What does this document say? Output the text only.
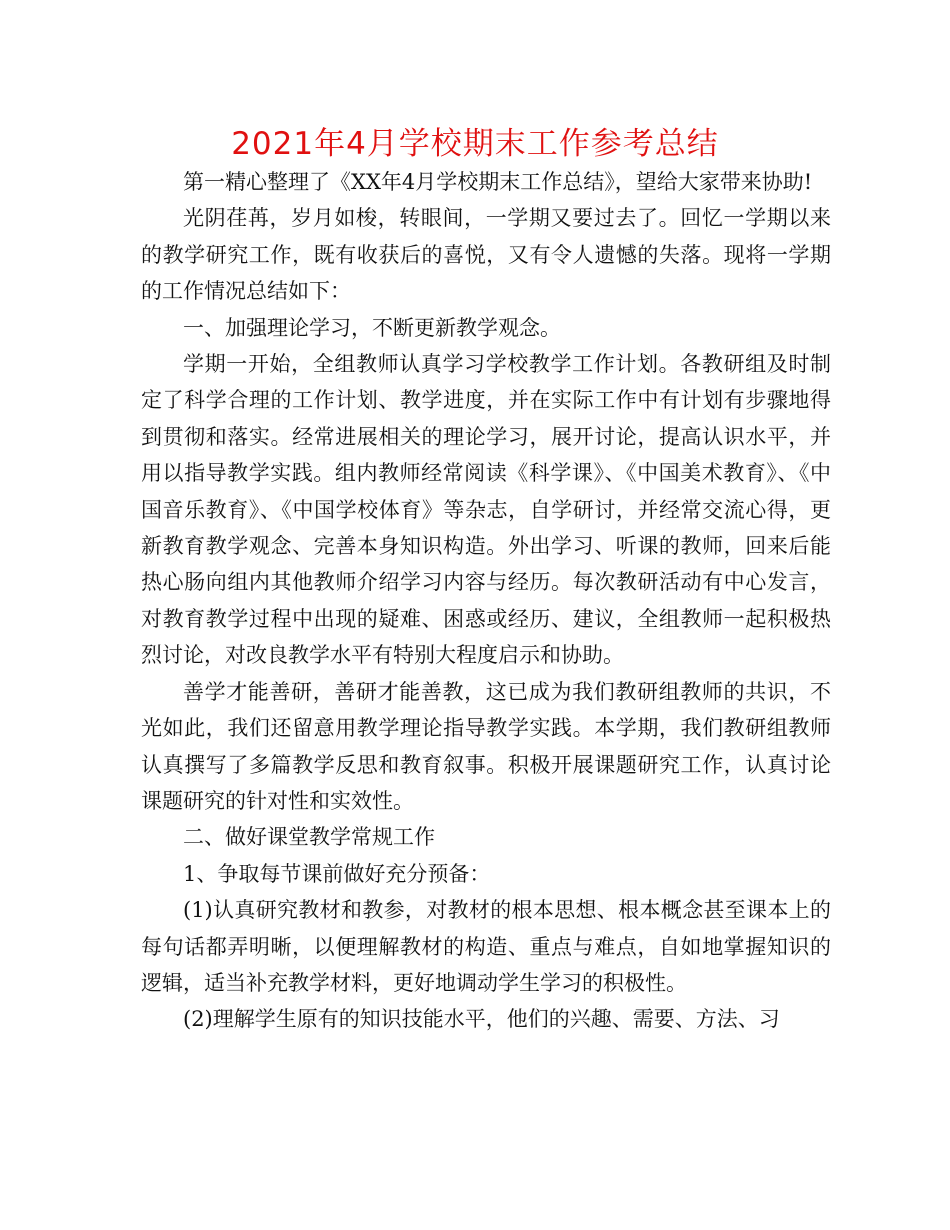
2021年4月学校期末工作参考总结

第一精心整理了《XX年4月学校期末工作总结》，望给大家带来协助!

光阴荏苒，岁月如梭，转眼间，一学期又要过去了。回忆一学期以来的教学研究工作，既有收获后的喜悦，又有令人遗憾的失落。现将一学期的工作情况总结如下：

一、加强理论学习，不断更新教学观念。

学期一开始，全组教师认真学习学校教学工作计划。各教研组及时制定了科学合理的工作计划、教学进度，并在实际工作中有计划有步骤地得到贯彻和落实。经常进展相关的理论学习，展开讨论，提高认识水平，并用以指导教学实践。组内教师经常阅读《科学课》、《中国美术教育》、《中国音乐教育》、《中国学校体育》等杂志，自学研讨，并经常交流心得，更新教育教学观念、完善本身知识构造。外出学习、听课的教师，回来后能热心肠向组内其他教师介绍学习内容与经历。每次教研活动有中心发言，对教育教学过程中出现的疑难、困惑或经历、建议，全组教师一起积极热烈讨论，对改良教学水平有特别大程度启示和协助。

善学才能善研，善研才能善教，这已成为我们教研组教师的共识，不光如此，我们还留意用教学理论指导教学实践。本学期，我们教研组教师认真撰写了多篇教学反思和教育叙事。积极开展课题研究工作，认真讨论课题研究的针对性和实效性。

二、做好课堂教学常规工作

1、争取每节课前做好充分预备：

(1)认真研究教材和教参，对教材的根本思想、根本概念甚至课本上的每句话都弄明晰，以便理解教材的构造、重点与难点，自如地掌握知识的逻辑，适当补充教学材料，更好地调动学生学习的积极性。

(2)理解学生原有的知识技能水平，他们的兴趣、需要、方法、习
